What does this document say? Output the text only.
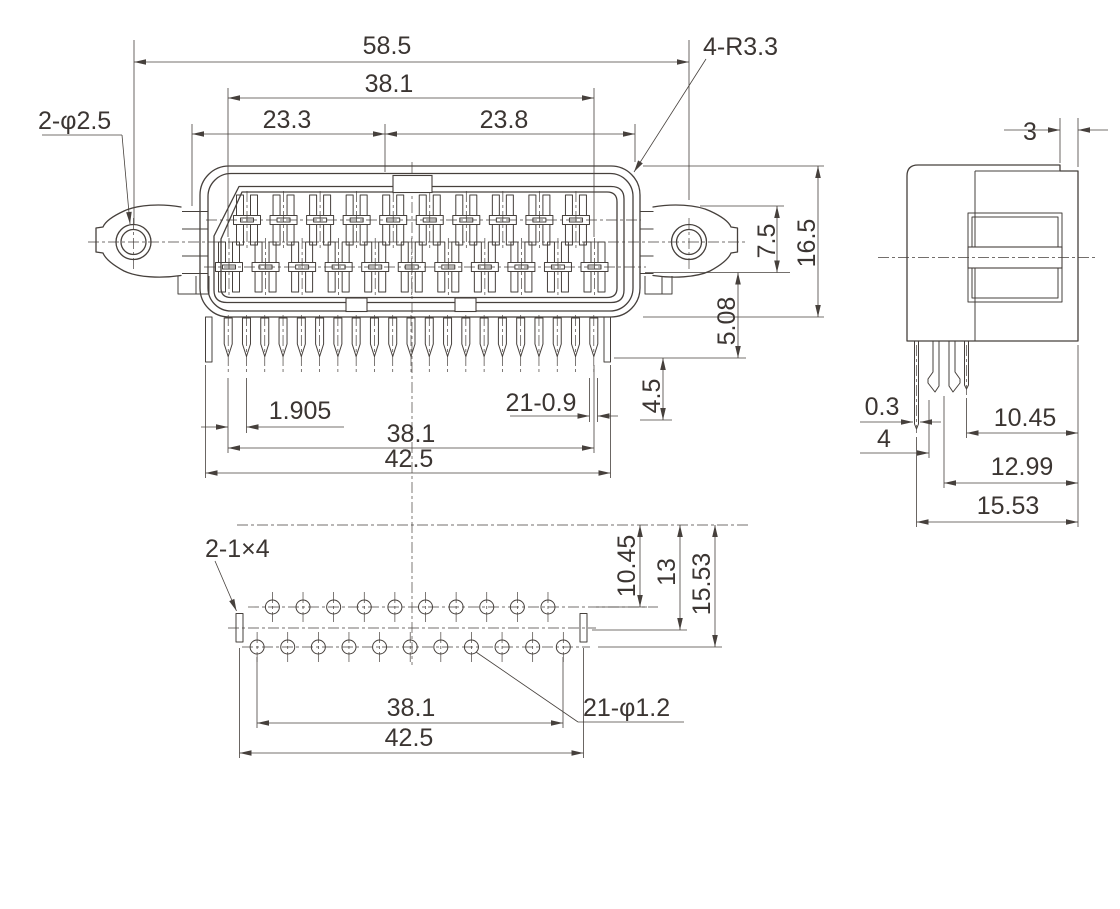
58.5
38.1
23.3	23.8
2-φ2.5
4-R3.3
7.5 16.5
5.08
4.5
1.905	21-0.9
38.1
42.5
3
0.3
4
10.45
12.99
15.53
2-1×4	10.45 13 15.53
38.1
42.5
21-φ1.2
